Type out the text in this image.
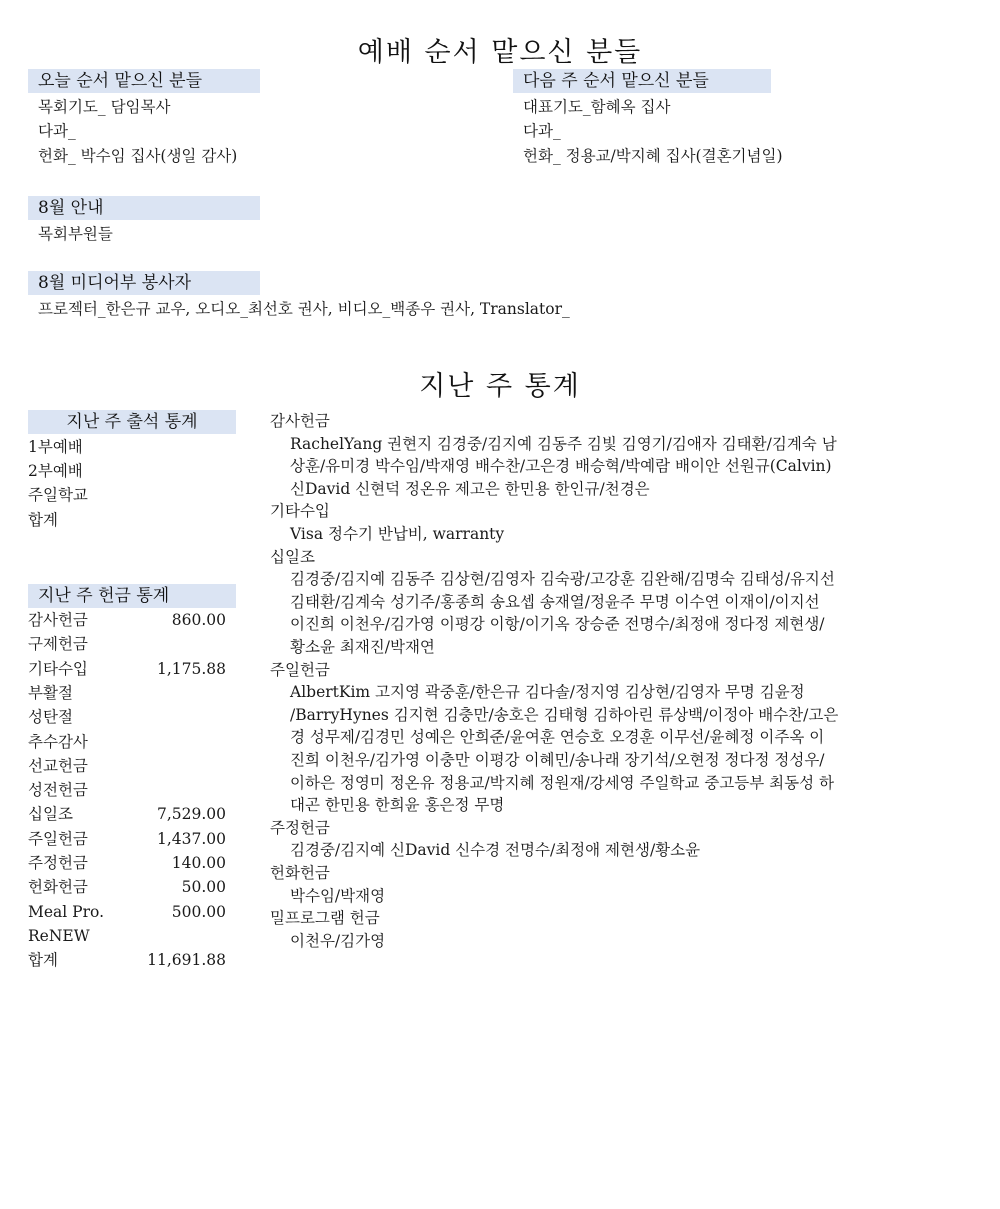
예배 순서 맡으신 분들
오늘 순서 맡으신 분들
목회기도_ 담임목사
다과_
헌화_ 박수임 집사(생일 감사)
다음 주 순서 맡으신 분들
대표기도_함혜옥 집사
다과_
헌화_ 정용교/박지혜 집사(결혼기념일)
8월 안내
목회부원들
8월 미디어부 봉사자
프로젝터_한은규 교우, 오디오_최선호 권사, 비디오_백종우 권사, Translator_
지난 주 통계
지난 주 출석 통계
1부예배
2부예배
주일학교
합계
지난 주 헌금 통계
감사헌금	860.00
구제헌금
기타수입	1,175.88
부활절
성탄절
추수감사
선교헌금
성전헌금
십일조	7,529.00
주일헌금	1,437.00
주정헌금	140.00
헌화헌금	50.00
Meal Pro.	500.00
ReNEW
합계	11,691.88
감사헌금
RachelYang 권현지 김경중/김지예 김동주 김빛 김영기/김애자 김태환/김계숙 남
상훈/유미경 박수임/박재영 배수찬/고은경 배승혁/박예람 배이안 선원규(Calvin)
신David 신현덕 정온유 제고은 한민용 한인규/천경은
기타수입
Visa 정수기 반납비, warranty
십일조
김경중/김지예 김동주 김상현/김영자 김숙광/고강훈 김완해/김명숙 김태성/유지선
김태환/김계숙 성기주/홍종희 송요셉 송재열/정윤주 무명 이수연 이재이/이지선
이진희 이천우/김가영 이평강 이항/이기옥 장승준 전명수/최정애 정다정 제현생/
황소윤 최재진/박재연
주일헌금
AlbertKim 고지영 곽중훈/한은규 김다솔/정지영 김상현/김영자 무명 김윤정
/BarryHynes 김지현 김충만/송호은 김태형 김하아린 류상백/이정아 배수찬/고은
경 성무제/김경민 성예은 안희준/윤여훈 연승호 오경훈 이무선/윤혜정 이주옥 이
진희 이천우/김가영 이충만 이평강 이혜민/송나래 장기석/오현정 정다정 정성우/
이하은 정영미 정온유 정용교/박지혜 정원재/강세영 주일학교 중고등부 최동성 하
대곤 한민용 한희윤 홍은정 무명
주정헌금
김경중/김지예 신David 신수경 전명수/최정애 제현생/황소윤
헌화헌금
박수임/박재영
밀프로그램 헌금
이천우/김가영
